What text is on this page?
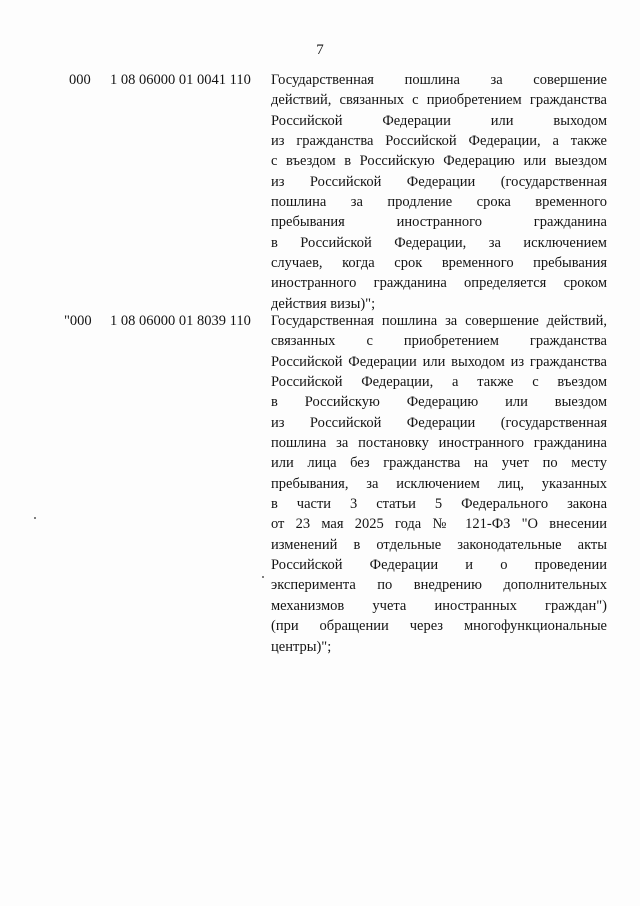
7
000 1 08 06000 01 0041 110 Государственная пошлина за совершение
действий, связанных с приобретением гражданства
Российской Федерации или выходом
из гражданства Российской Федерации, а также
с въездом в Российскую Федерацию или выездом
из Российской Федерации (государственная
пошлина за продление срока временного
пребывания иностранного гражданина
в Российской Федерации, за исключением
случаев, когда срок временного пребывания
иностранного гражданина определяется сроком
действия визы)";
"000 1 08 06000 01 8039 110 Государственная пошлина за совершение действий,
связанных с приобретением гражданства
Российской Федерации или выходом из гражданства
Российской Федерации, а также с въездом
в Российскую Федерацию или выездом
из Российской Федерации (государственная
пошлина за постановку иностранного гражданина
или лица без гражданства на учет по месту
пребывания, за исключением лиц, указанных
в части 3 статьи 5 Федерального закона
от 23 мая 2025 года № 121-ФЗ "О внесении
изменений в отдельные законодательные акты
Российской Федерации и о проведении
эксперимента по внедрению дополнительных
механизмов учета иностранных граждан")
(при обращении через многофункциональные
центры)";
